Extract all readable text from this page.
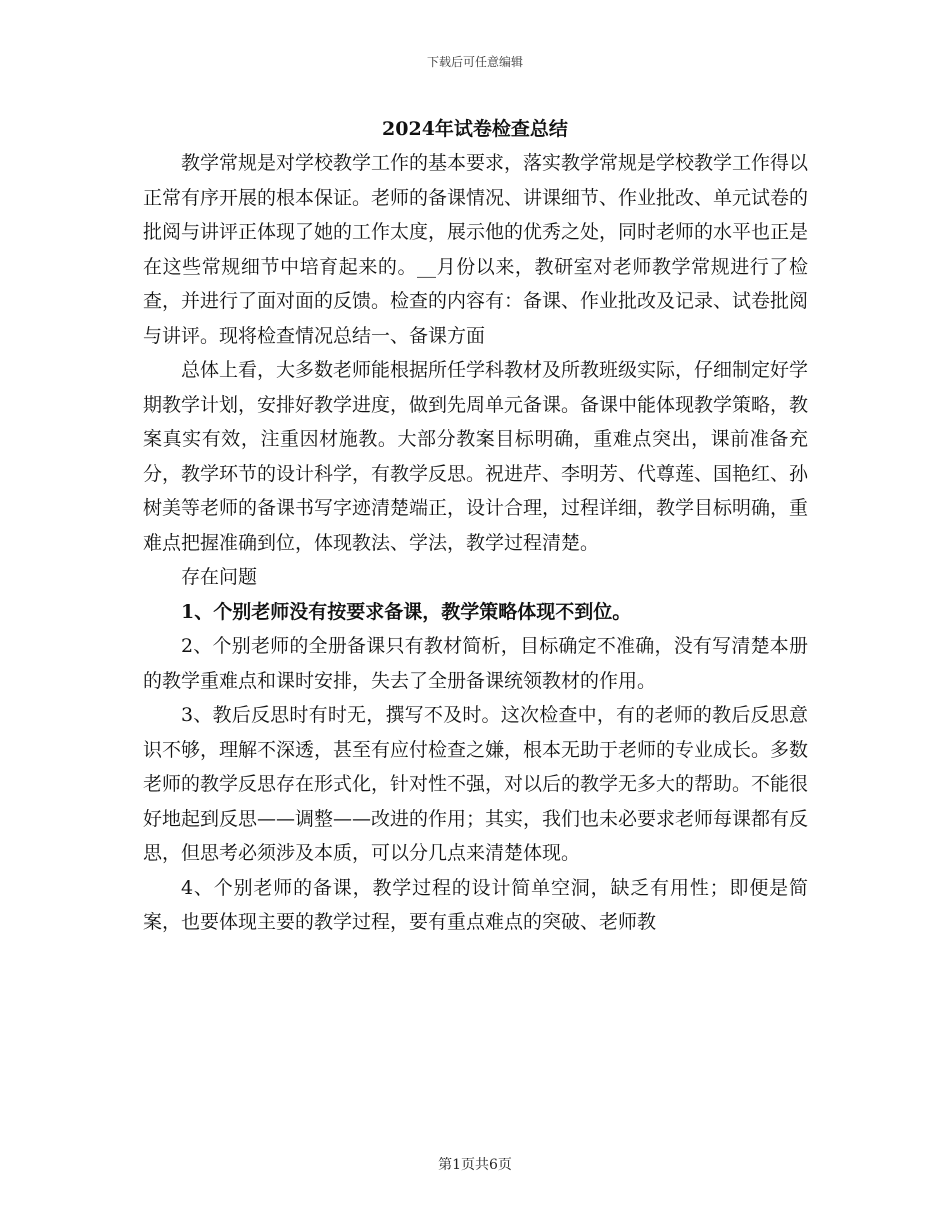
下载后可任意编辑
2024年试卷检查总结

教学常规是对学校教学工作的基本要求，落实教学常规是学校教学工作得以正常有序开展的根本保证。老师的备课情况、讲课细节、作业批改、单元试卷的批阅与讲评正体现了她的工作太度，展示他的优秀之处，同时老师的水平也正是在这些常规细节中培育起来的。__月份以来，教研室对老师教学常规进行了检查，并进行了面对面的反馈。检查的内容有：备课、作业批改及记录、试卷批阅与讲评。现将检查情况总结一、备课方面

总体上看，大多数老师能根据所任学科教材及所教班级实际，仔细制定好学期教学计划，安排好教学进度，做到先周单元备课。备课中能体现教学策略，教案真实有效，注重因材施教。大部分教案目标明确，重难点突出，课前准备充分，教学环节的设计科学，有教学反思。祝进芹、李明芳、代尊莲、国艳红、孙树美等老师的备课书写字迹清楚端正，设计合理，过程详细，教学目标明确，重难点把握准确到位，体现教法、学法，教学过程清楚。

存在问题

1、个别老师没有按要求备课，教学策略体现不到位。

2、个别老师的全册备课只有教材简析，目标确定不准确，没有写清楚本册的教学重难点和课时安排，失去了全册备课统领教材的作用。

3、教后反思时有时无，撰写不及时。这次检查中，有的老师的教后反思意识不够，理解不深透，甚至有应付检查之嫌，根本无助于老师的专业成长。多数老师的教学反思存在形式化，针对性不强，对以后的教学无多大的帮助。不能很好地起到反思——调整——改进的作用；其实，我们也未必要求老师每课都有反思，但思考必须涉及本质，可以分几点来清楚体现。

4、个别老师的备课，教学过程的设计简单空洞，缺乏有用性；即便是简案，也要体现主要的教学过程，要有重点难点的突破、老师教

第1页共6页
